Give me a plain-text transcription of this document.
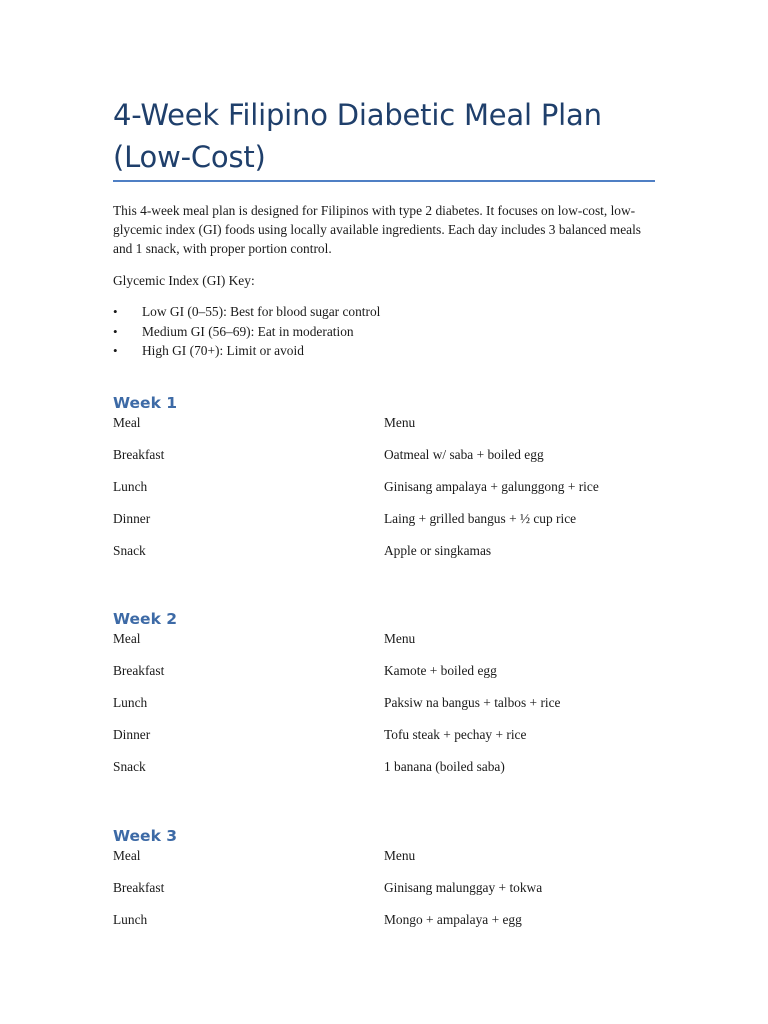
4-Week Filipino Diabetic Meal Plan (Low-Cost)
This 4-week meal plan is designed for Filipinos with type 2 diabetes. It focuses on low-cost, low-glycemic index (GI) foods using locally available ingredients. Each day includes 3 balanced meals and 1 snack, with proper portion control.
Glycemic Index (GI) Key:
• Low GI (0–55): Best for blood sugar control
• Medium GI (56–69): Eat in moderation
• High GI (70+): Limit or avoid
Week 1
Meal	Menu
Breakfast	Oatmeal w/ saba + boiled egg
Lunch	Ginisang ampalaya + galunggong + rice
Dinner	Laing + grilled bangus + ½ cup rice
Snack	Apple or singkamas
Week 2
Meal	Menu
Breakfast	Kamote + boiled egg
Lunch	Paksiw na bangus + talbos + rice
Dinner	Tofu steak + pechay + rice
Snack	1 banana (boiled saba)
Week 3
Meal	Menu
Breakfast	Ginisang malunggay + tokwa
Lunch	Mongo + ampalaya + egg
